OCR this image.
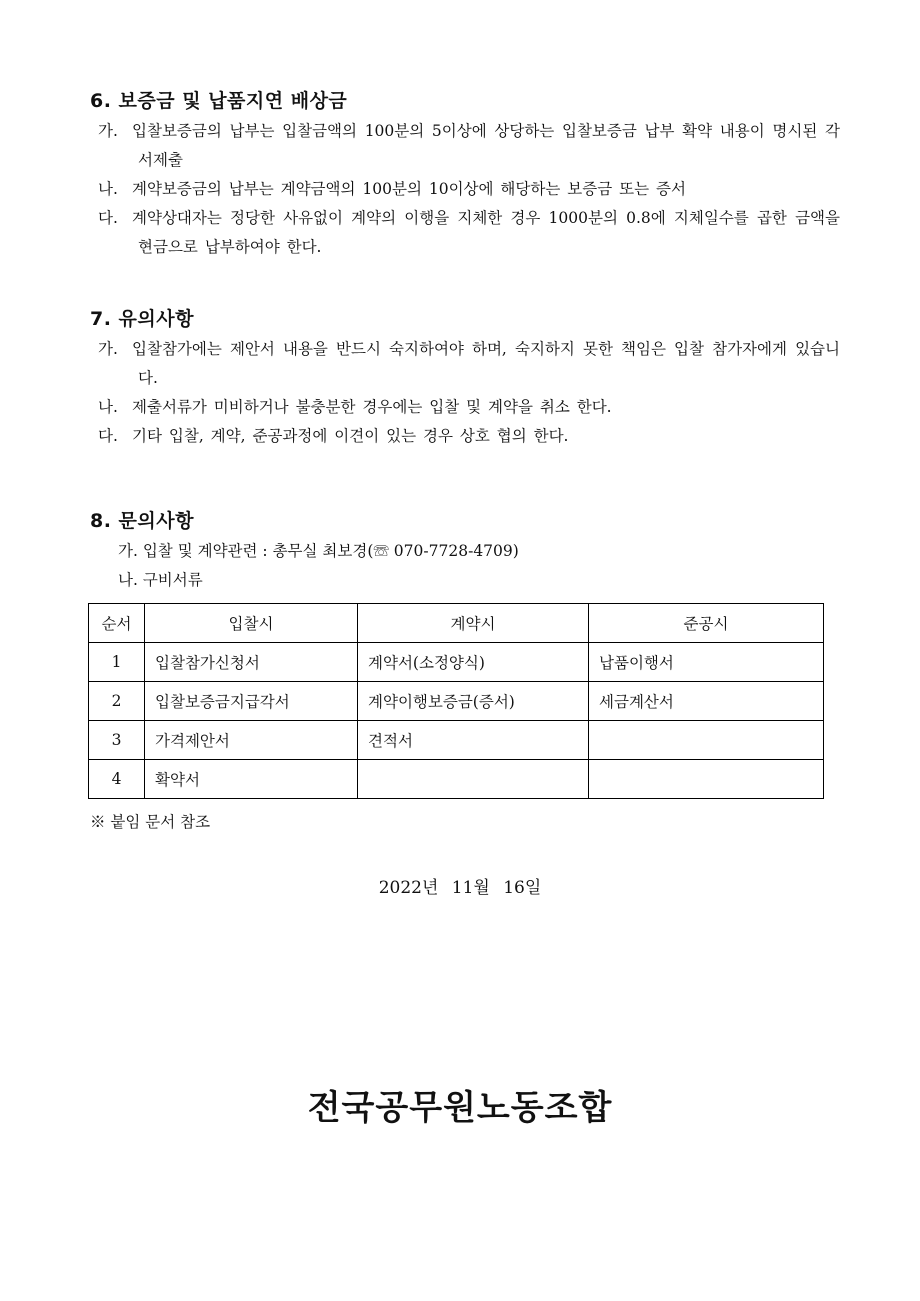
6. 보증금 및 납품지연 배상금
가. 입찰보증금의 납부는 입찰금액의 100분의 5이상에 상당하는 입찰보증금 납부 확약 내용이 명시된 각서제출
나. 계약보증금의 납부는 계약금액의 100분의 10이상에 해당하는 보증금 또는 증서
다. 계약상대자는 정당한 사유없이 계약의 이행을 지체한 경우 1000분의 0.8에 지체일수를 곱한 금액을 현금으로 납부하여야 한다.
7. 유의사항
가. 입찰참가에는 제안서 내용을 반드시 숙지하여야 하며, 숙지하지 못한 책임은 입찰 참가자에게 있습니다.
나. 제출서류가 미비하거나 불충분한 경우에는 입찰 및 계약을 취소 한다.
다. 기타 입찰, 계약, 준공과정에 이견이 있는 경우 상호 협의 한다.
8. 문의사항
가. 입찰 및 계약관련 : 총무실 최보경(☏ 070-7728-4709)
나. 구비서류
순서	입찰시	계약시	준공시
1	입찰참가신청서	계약서(소정양식)	납품이행서
2	입찰보증금지급각서	계약이행보증금(증서)	세금계산서
3	가격제안서	견적서	
4	확약서		
※ 붙임 문서 참조
2022년 11월 16일
전국공무원노동조합
